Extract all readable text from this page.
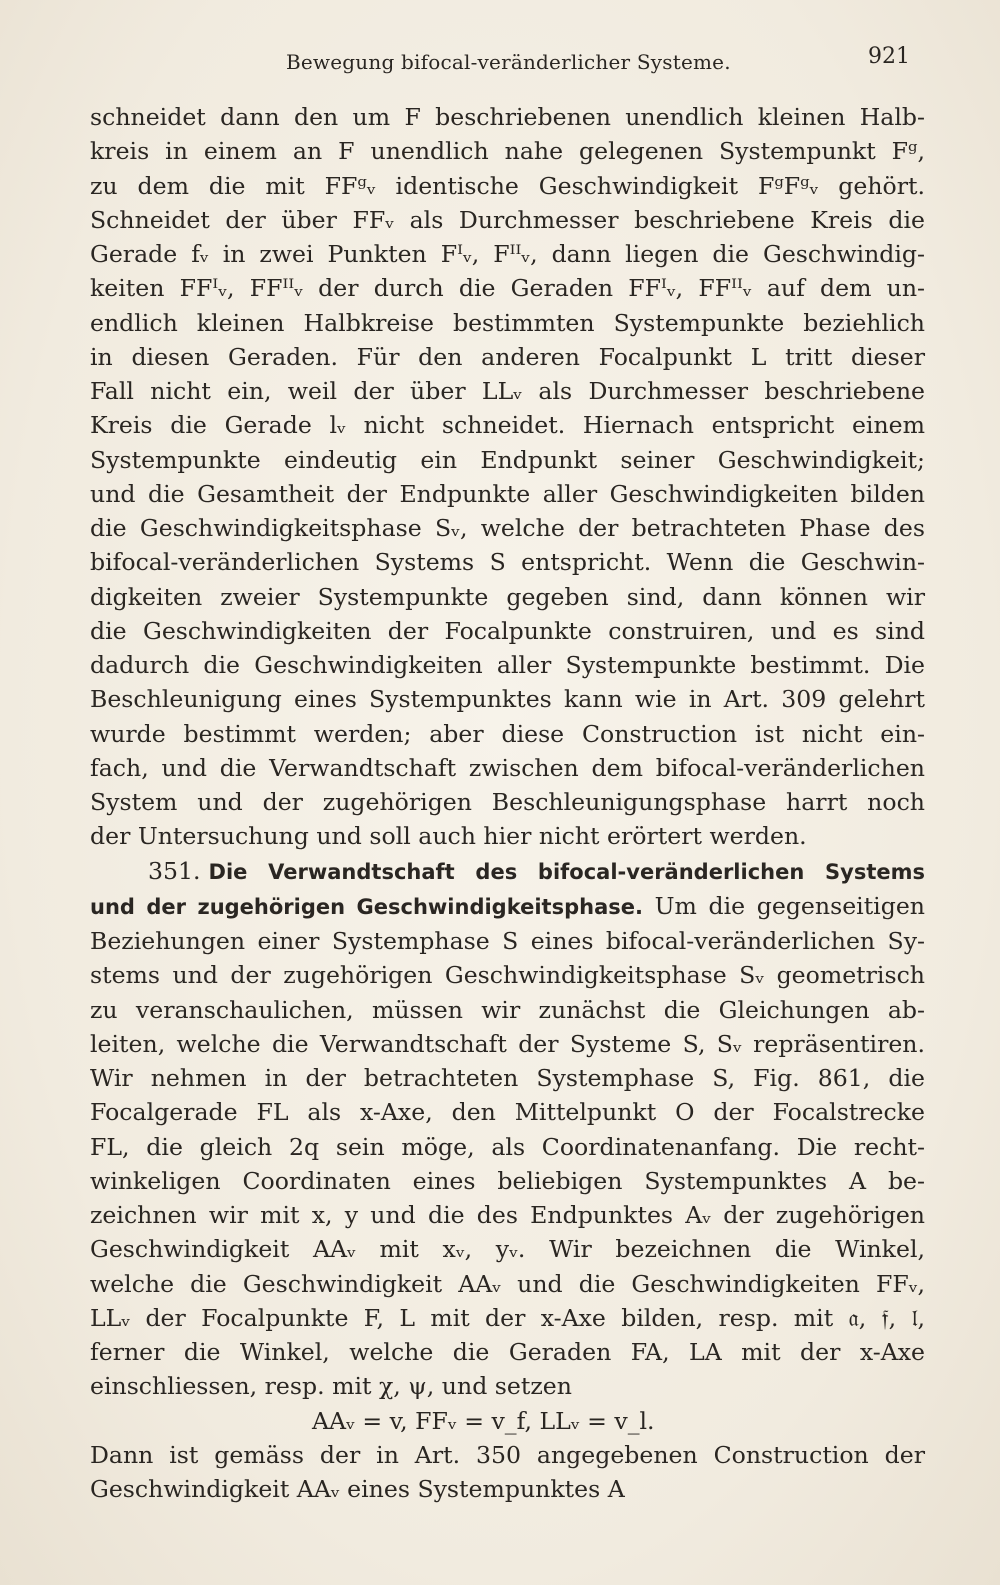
Bewegung bifocal-veränderlicher Systeme.	921
schneidet dann den um F beschriebenen unendlich kleinen Halb-
kreis in einem an F unendlich nahe gelegenen Systempunkt Fᵍ,
zu dem die mit FFᵍᵥ identische Geschwindigkeit FᵍFᵍᵥ gehört.
Schneidet der über FFᵥ als Durchmesser beschriebene Kreis die
Gerade fᵥ in zwei Punkten Fᴵᵥ, Fᴵᴵᵥ, dann liegen die Geschwindig-
keiten FFᴵᵥ, FFᴵᴵᵥ der durch die Geraden FFᴵᵥ, FFᴵᴵᵥ auf dem un-
endlich kleinen Halbkreise bestimmten Systempunkte beziehlich
in diesen Geraden. Für den anderen Focalpunkt L tritt dieser
Fall nicht ein, weil der über LLᵥ als Durchmesser beschriebene
Kreis die Gerade lᵥ nicht schneidet. Hiernach entspricht einem
Systempunkte eindeutig ein Endpunkt seiner Geschwindigkeit;
und die Gesamtheit der Endpunkte aller Geschwindigkeiten bilden
die Geschwindigkeitsphase Sᵥ, welche der betrachteten Phase des
bifocal-veränderlichen Systems S entspricht. Wenn die Geschwin-
digkeiten zweier Systempunkte gegeben sind, dann können wir
die Geschwindigkeiten der Focalpunkte construiren, und es sind
dadurch die Geschwindigkeiten aller Systempunkte bestimmt. Die
Beschleunigung eines Systempunktes kann wie in Art. 309 gelehrt
wurde bestimmt werden; aber diese Construction ist nicht ein-
fach, und die Verwandtschaft zwischen dem bifocal-veränderlichen
System und der zugehörigen Beschleunigungsphase harrt noch
der Untersuchung und soll auch hier nicht erörtert werden.
351. Die Verwandtschaft des bifocal-veränderlichen Systems
und der zugehörigen Geschwindigkeitsphase. Um die gegenseitigen
Beziehungen einer Systemphase S eines bifocal-veränderlichen Sy-
stems und der zugehörigen Geschwindigkeitsphase Sᵥ geometrisch
zu veranschaulichen, müssen wir zunächst die Gleichungen ab-
leiten, welche die Verwandtschaft der Systeme S, Sᵥ repräsentiren.
Wir nehmen in der betrachteten Systemphase S, Fig. 861, die
Focalgerade FL als x-Axe, den Mittelpunkt O der Focalstrecke
FL, die gleich 2q sein möge, als Coordinatenanfang. Die recht-
winkeligen Coordinaten eines beliebigen Systempunktes A be-
zeichnen wir mit x, y und die des Endpunktes Aᵥ der zugehörigen
Geschwindigkeit AAᵥ mit xᵥ, yᵥ. Wir bezeichnen die Winkel,
welche die Geschwindigkeit AAᵥ und die Geschwindigkeiten FFᵥ,
LLᵥ der Focalpunkte F, L mit der x-Axe bilden, resp. mit 𝔞, 𝔣, 𝔩,
ferner die Winkel, welche die Geraden FA, LA mit der x-Axe
einschliessen, resp. mit χ, ψ, und setzen
AAᵥ = v, FFᵥ = v_f, LLᵥ = v_l.
Dann ist gemäss der in Art. 350 angegebenen Construction der
Geschwindigkeit AAᵥ eines Systempunktes A
